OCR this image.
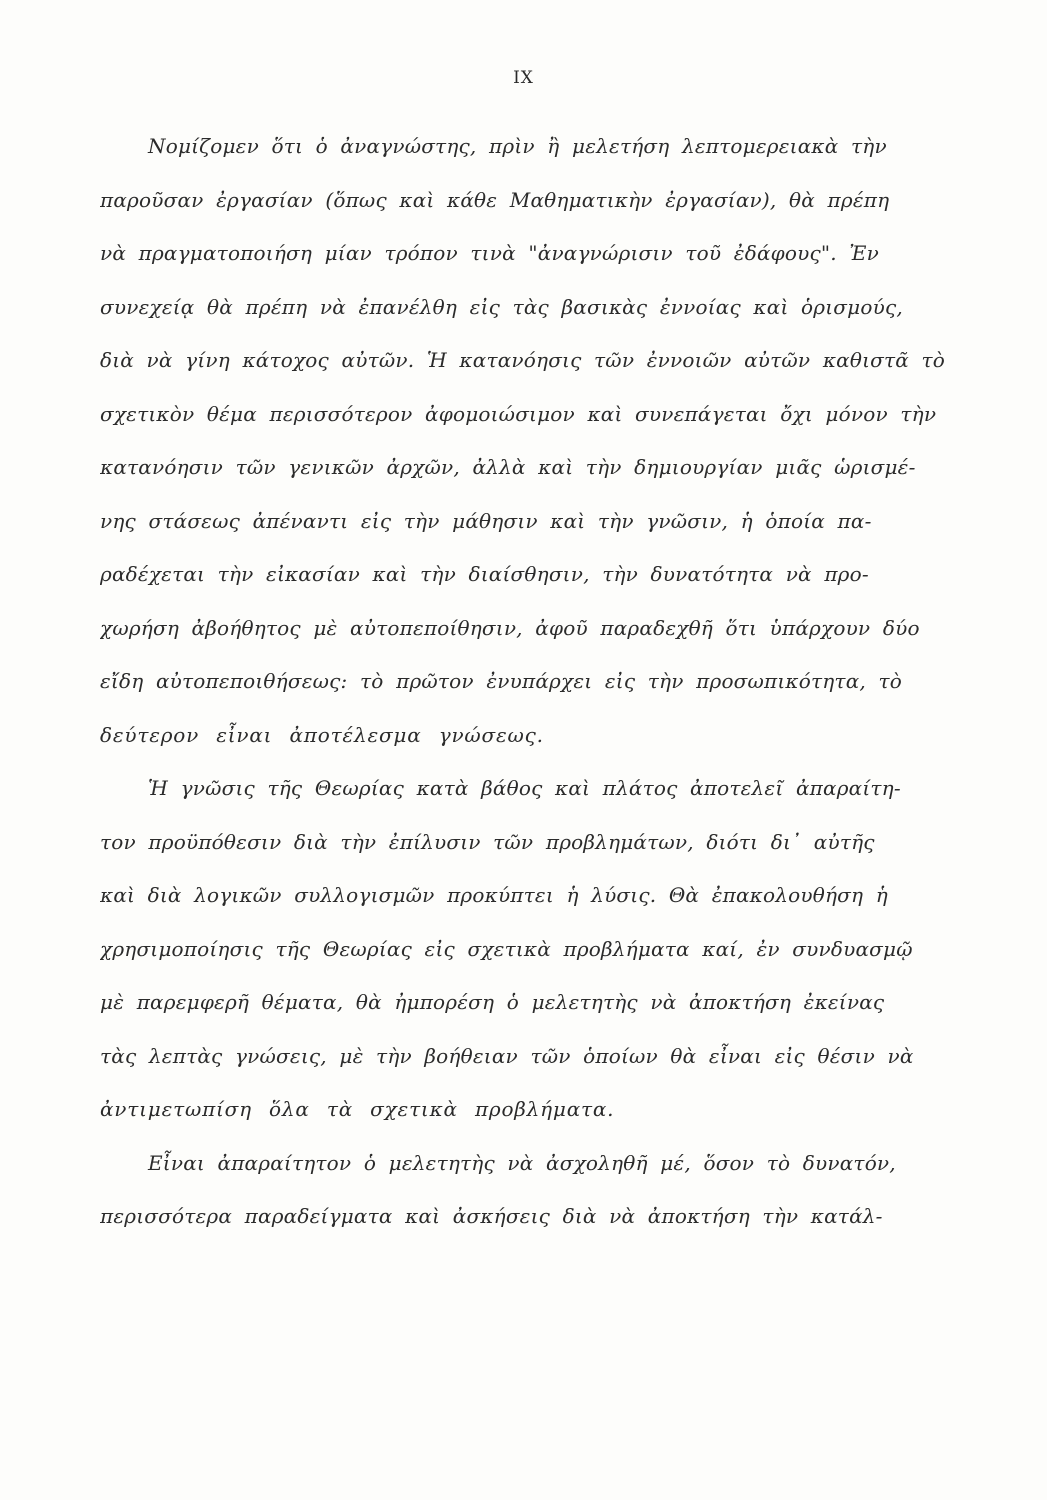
IX
Νομίζομεν ὅτι ὁ ἀναγνώστης, πρὶν ἢ μελετήση λεπτομερειακὰ τὴν
παροῦσαν ἐργασίαν (ὅπως καὶ κάθε Μαθηματικὴν ἐργασίαν), θὰ πρέπη
νὰ πραγματοποιήση μίαν τρόπον τινὰ "ἀναγνώρισιν τοῦ ἐδάφους". Ἐν
συνεχείᾳ θὰ πρέπη νὰ ἐπανέλθη εἰς τὰς βασικὰς ἐννοίας καὶ ὁρισμούς,
διὰ νὰ γίνη κάτοχος αὐτῶν. Ἡ κατανόησις τῶν ἐννοιῶν αὐτῶν καθιστᾶ τὸ
σχετικὸν θέμα περισσότερον ἀφομοιώσιμον καὶ συνεπάγεται ὄχι μόνον τὴν
κατανόησιν τῶν γενικῶν ἀρχῶν, ἀλλὰ καὶ τὴν δημιουργίαν μιᾶς ὡρισμέ-
νης στάσεως ἀπέναντι εἰς τὴν μάθησιν καὶ τὴν γνῶσιν, ἡ ὁποία πα-
ραδέχεται τὴν εἰκασίαν καὶ τὴν διαίσθησιν, τὴν δυνατότητα νὰ προ-
χωρήση ἀβοήθητος μὲ αὐτοπεποίθησιν, ἀφοῦ παραδεχθῆ ὅτι ὑπάρχουν δύο
εἴδη αὐτοπεποιθήσεως: τὸ πρῶτον ἐνυπάρχει εἰς τὴν προσωπικότητα, τὸ
δεύτερον εἶναι ἀποτέλεσμα γνώσεως.
Ἡ γνῶσις τῆς Θεωρίας κατὰ βάθος καὶ πλάτος ἀποτελεῖ ἀπαραίτη-
τον προϋπόθεσιν διὰ τὴν ἐπίλυσιν τῶν προβλημάτων, διότι δι᾽ αὐτῆς
καὶ διὰ λογικῶν συλλογισμῶν προκύπτει ἡ λύσις. Θὰ ἐπακολουθήση ἡ
χρησιμοποίησις τῆς Θεωρίας εἰς σχετικὰ προβλήματα καί, ἐν συνδυασμῷ
μὲ παρεμφερῆ θέματα, θὰ ἠμπορέση ὁ μελετητὴς νὰ ἀποκτήση ἐκείνας
τὰς λεπτὰς γνώσεις, μὲ τὴν βοήθειαν τῶν ὁποίων θὰ εἶναι εἰς θέσιν νὰ
ἀντιμετωπίση ὅλα τὰ σχετικὰ προβλήματα.
Εἶναι ἀπαραίτητον ὁ μελετητὴς νὰ ἀσχοληθῆ μέ, ὅσον τὸ δυνατόν,
περισσότερα παραδείγματα καὶ ἀσκήσεις διὰ νὰ ἀποκτήση τὴν κατάλ-
